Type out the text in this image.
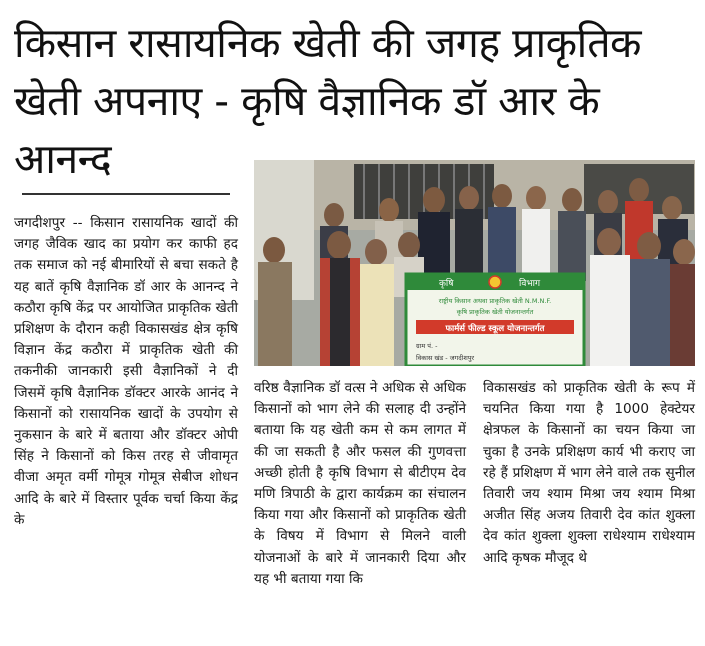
किसान रासायनिक खेती की जगह प्राकृतिक खेती अपनाए - कृषि वैज्ञानिक डॉ आर के आनन्द
जगदीशपुर -- किसान रासायनिक खादों की जगह जैविक खाद का प्रयोग कर काफी हद तक समाज को नई बीमारियों से बचा सकते है यह बातें कृषि वैज्ञानिक डॉ आर के आनन्द ने कठौरा कृषि केंद्र पर आयोजित प्राकृतिक खेती प्रशिक्षण के दौरान कही विकासखंड क्षेत्र कृषि विज्ञान केंद्र कठौरा में प्राकृतिक खेती की तकनीकी जानकारी इसी वैज्ञानिकों ने दी जिसमें कृषि वैज्ञानिक डॉक्टर आरके आनंद ने किसानों को रासायनिक खादों के उपयोग से नुकसान के बारे में बताया और डॉक्टर ओपी सिंह ने किसानों को किस तरह से जीवामृत वीजा अमृत वर्मी गोमूत्र गोमूत्र सेबीज शोधन आदि के बारे में विस्तार पूर्वक चर्चा किया केंद्र के
कृषि	विभाग
राष्ट्रीय किसान अथवा प्राकृतिक खेती N.M.N.F.
कृषि प्राकृतिक खेती योजनान्तर्गत
फार्मर्स फील्ड स्कूल योजनान्तर्गत
ग्राम पं. -
विकास खंड - जगदीशपुर
वरिष्ठ वैज्ञानिक डॉ वत्स ने अधिक से अधिक किसानों को भाग लेने की सलाह दी उन्होंने बताया कि यह खेती कम से कम लागत में की जा सकती है और फसल की गुणवत्ता अच्छी होती है कृषि विभाग से बीटीएम देव मणि त्रिपाठी के द्वारा कार्यक्रम का संचालन किया गया और किसानों को प्राकृतिक खेती के विषय में विभाग से मिलने वाली योजनाओं के बारे में जानकारी दिया और यह भी बताया गया कि
विकासखंड को प्राकृतिक खेती के रूप में चयनित किया गया है 1000 हेक्टेयर क्षेत्रफल के किसानों का चयन किया जा चुका है उनके प्रशिक्षण कार्य भी कराए जा रहे हैं प्रशिक्षण में भाग लेने वाले तक सुनील तिवारी जय श्याम मिश्रा जय श्याम मिश्रा अजीत सिंह अजय तिवारी देव कांत शुक्ला देव कांत शुक्ला शुक्ला राधेश्याम राधेश्याम आदि कृषक मौजूद थे
